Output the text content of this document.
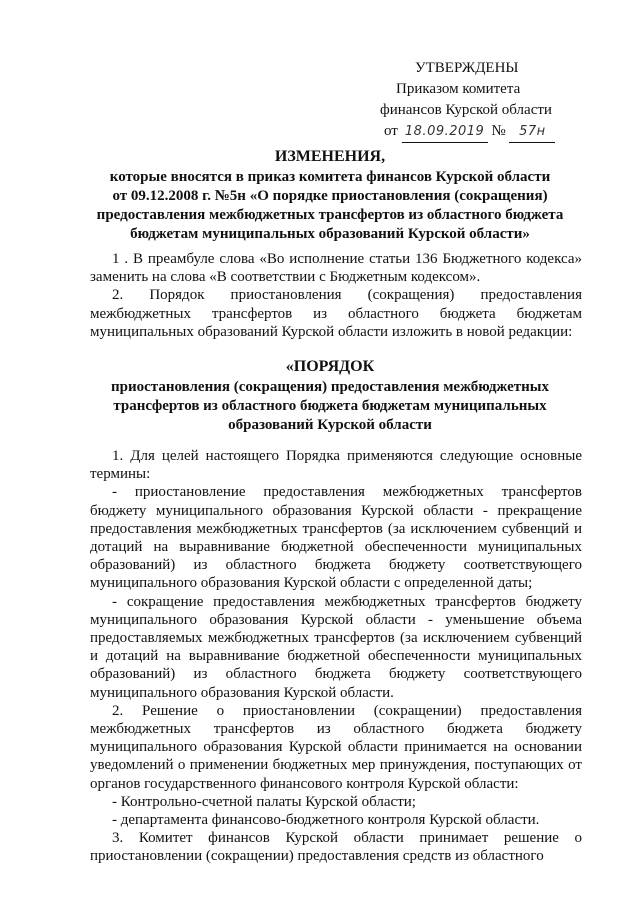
УТВЕРЖДЕНЫ
Приказом комитета
финансов Курской области
от 18.09.2019 № 57н
ИЗМЕНЕНИЯ,
которые вносятся в приказ комитета финансов Курской области
от 09.12.2008 г. №5н «О порядке приостановления (сокращения)
предоставления межбюджетных трансфертов из областного бюджета
бюджетам муниципальных образований Курской области»

1 . В преамбуле слова «Во исполнение статьи 136 Бюджетного кодекса» заменить на слова «В соответствии с Бюджетным кодексом».

2. Порядок приостановления (сокращения) предоставления межбюджетных трансфертов из областного бюджета бюджетам муниципальных образований Курской области изложить в новой редакции:

«ПОРЯДОК
приостановления (сокращения) предоставления межбюджетных
трансфертов из областного бюджета бюджетам муниципальных
образований Курской области

1. Для целей настоящего Порядка применяются следующие основные термины:

- приостановление предоставления межбюджетных трансфертов бюджету муниципального образования Курской области - прекращение предоставления межбюджетных трансфертов (за исключением субвенций и дотаций на выравнивание бюджетной обеспеченности муниципальных образований) из областного бюджета бюджету соответствующего муниципального образования Курской области с определенной даты;

- сокращение предоставления межбюджетных трансфертов бюджету муниципального образования Курской области - уменьшение объема предоставляемых межбюджетных трансфертов (за исключением субвенций и дотаций на выравнивание бюджетной обеспеченности муниципальных образований) из областного бюджета бюджету соответствующего муниципального образования Курской области.

2. Решение о приостановлении (сокращении) предоставления межбюджетных трансфертов из областного бюджета бюджету муниципального образования Курской области принимается на основании уведомлений о применении бюджетных мер принуждения, поступающих от органов государственного финансового контроля Курской области:

- Контрольно-счетной палаты Курской области;

- департамента финансово-бюджетного контроля Курской области.

3. Комитет финансов Курской области принимает решение о приостановлении (сокращении) предоставления средств из областного
